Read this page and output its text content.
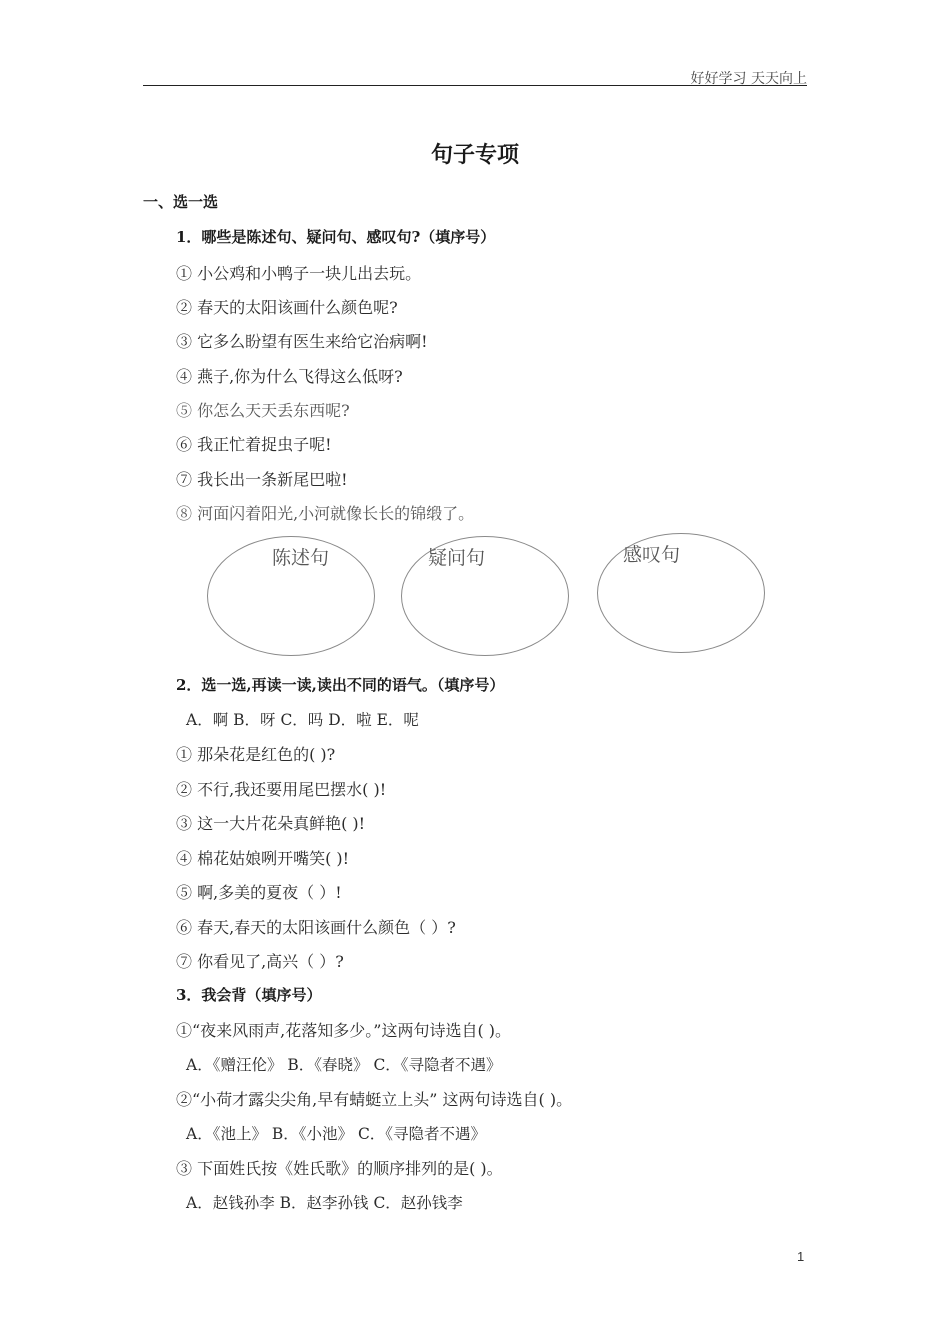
好好学习 天天向上
句子专项
一、选一选
1．哪些是陈述句、疑问句、感叹句?（填序号）
① 小公鸡和小鸭子一块儿出去玩。
② 春天的太阳该画什么颜色呢?
③ 它多么盼望有医生来给它治病啊!
④ 燕子,你为什么飞得这么低呀?
⑤ 你怎么天天丢东西呢?
⑥ 我正忙着捉虫子呢!
⑦ 我长出一条新尾巴啦!
⑧ 河面闪着阳光,小河就像长长的锦缎了。
陈述句	疑问句	感叹句
2．选一选,再读一读,读出不同的语气。（填序号）
A．啊 B．呀 C．吗 D．啦 E．呢
① 那朵花是红色的( )?
② 不行,我还要用尾巴摆水( )!
③ 这一大片花朵真鲜艳( )!
④ 棉花姑娘咧开嘴笑( )!
⑤ 啊,多美的夏夜（ ）!
⑥ 春天,春天的太阳该画什么颜色（ ）?
⑦ 你看见了,高兴（ ）?
3．我会背（填序号）
①“夜来风雨声,花落知多少。”这两句诗选自( )。
A．《赠汪伦》 B．《春晓》 C．《寻隐者不遇》
②“小荷才露尖尖角,早有蜻蜓立上头” 这两句诗选自( )。
A．《池上》 B．《小池》 C．《寻隐者不遇》
③ 下面姓氏按《姓氏歌》的顺序排列的是( )。
A．赵钱孙李 B．赵李孙钱 C．赵孙钱李
1
